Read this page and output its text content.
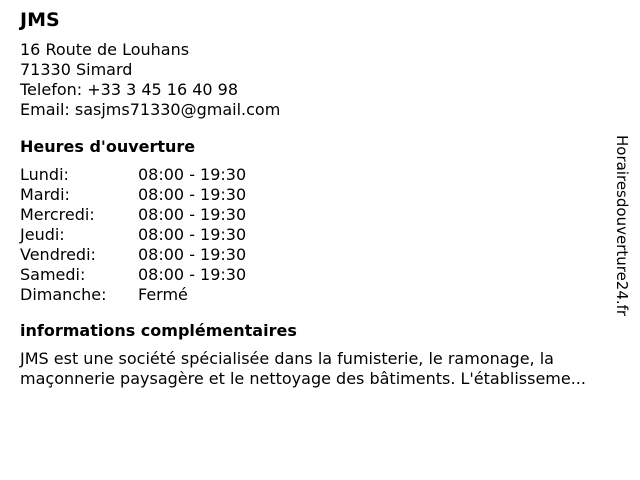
JMS
16 Route de Louhans
71330 Simard
Telefon: +33 3 45 16 40 98
Email: sasjms71330@gmail.com
Heures d'ouverture
Lundi:	08:00 - 19:30
Mardi:	08:00 - 19:30
Mercredi:	08:00 - 19:30
Jeudi:	08:00 - 19:30
Vendredi:	08:00 - 19:30
Samedi:	08:00 - 19:30
Dimanche:	Fermé
informations complémentaires
JMS est une société spécialisée dans la fumisterie, le ramonage, la maçonnerie paysagère et le nettoyage des bâtiments. L'établisseme...
Horairesdouverture24.fr
